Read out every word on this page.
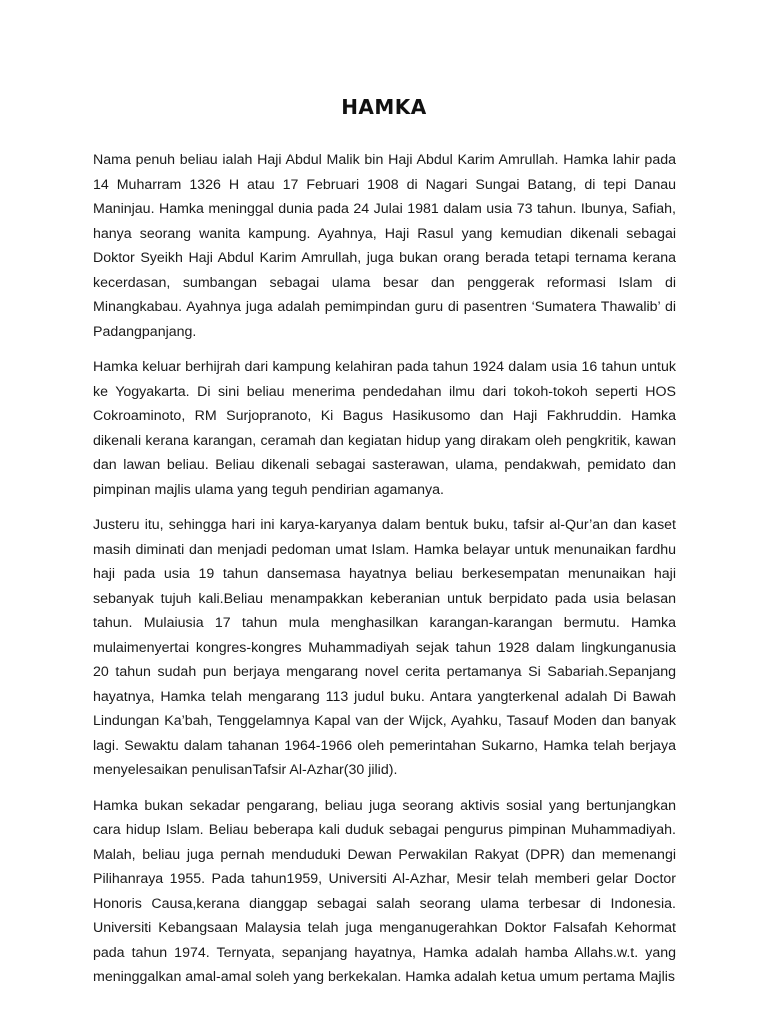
HAMKA

Nama penuh beliau ialah Haji Abdul Malik bin Haji Abdul Karim Amrullah. Hamka lahir pada 14 Muharram 1326 H atau 17 Februari 1908 di Nagari Sungai Batang, di tepi Danau Maninjau. Hamka meninggal dunia pada 24 Julai 1981 dalam usia 73 tahun. Ibunya, Safiah, hanya seorang wanita kampung. Ayahnya, Haji Rasul yang kemudian dikenali sebagai Doktor Syeikh Haji Abdul Karim Amrullah, juga bukan orang berada tetapi ternama kerana kecerdasan, sumbangan sebagai ulama besar dan penggerak reformasi Islam di Minangkabau. Ayahnya juga adalah pemimpindan guru di pasentren ‘Sumatera Thawalib’ di Padangpanjang.

Hamka keluar berhijrah dari kampung kelahiran pada tahun 1924 dalam usia 16 tahun untuk ke Yogyakarta. Di sini beliau menerima pendedahan ilmu dari tokoh-tokoh seperti HOS Cokroaminoto, RM Surjopranoto, Ki Bagus Hasikusomo dan Haji Fakhruddin. Hamka dikenali kerana karangan, ceramah dan kegiatan hidup yang dirakam oleh pengkritik, kawan dan lawan beliau. Beliau dikenali sebagai sasterawan, ulama, pendakwah, pemidato dan pimpinan majlis ulama yang teguh pendirian agamanya.

Justeru itu, sehingga hari ini karya-karyanya dalam bentuk buku, tafsir al-Qur’an dan kaset masih diminati dan menjadi pedoman umat Islam. Hamka belayar untuk menunaikan fardhu haji pada usia 19 tahun dansemasa hayatnya beliau berkesempatan menunaikan haji sebanyak tujuh kali.Beliau menampakkan keberanian untuk berpidato pada usia belasan tahun. Mulaiusia 17 tahun mula menghasilkan karangan-karangan bermutu. Hamka mulaimenyertai kongres-kongres Muhammadiyah sejak tahun 1928 dalam lingkunganusia 20 tahun sudah pun berjaya mengarang novel cerita pertamanya Si Sabariah.Sepanjang hayatnya, Hamka telah mengarang 113 judul buku. Antara yangterkenal adalah Di Bawah Lindungan Ka’bah, Tenggelamnya Kapal van der Wijck, Ayahku, Tasauf Moden dan banyak lagi. Sewaktu dalam tahanan 1964-1966 oleh pemerintahan Sukarno, Hamka telah berjaya menyelesaikan penulisanTafsir Al-Azhar(30 jilid).

Hamka bukan sekadar pengarang, beliau juga seorang aktivis sosial yang bertunjangkan cara hidup Islam. Beliau beberapa kali duduk sebagai pengurus pimpinan Muhammadiyah. Malah, beliau juga pernah menduduki Dewan Perwakilan Rakyat (DPR) dan memenangi Pilihanraya 1955. Pada tahun1959, Universiti Al-Azhar, Mesir telah memberi gelar Doctor Honoris Causa,kerana dianggap sebagai salah seorang ulama terbesar di Indonesia. Universiti Kebangsaan Malaysia telah juga menganugerahkan Doktor Falsafah Kehormat pada tahun 1974. Ternyata, sepanjang hayatnya, Hamka adalah hamba Allahs.w.t. yang meninggalkan amal-amal soleh yang berkekalan. Hamka adalah ketua umum pertama Majlis
